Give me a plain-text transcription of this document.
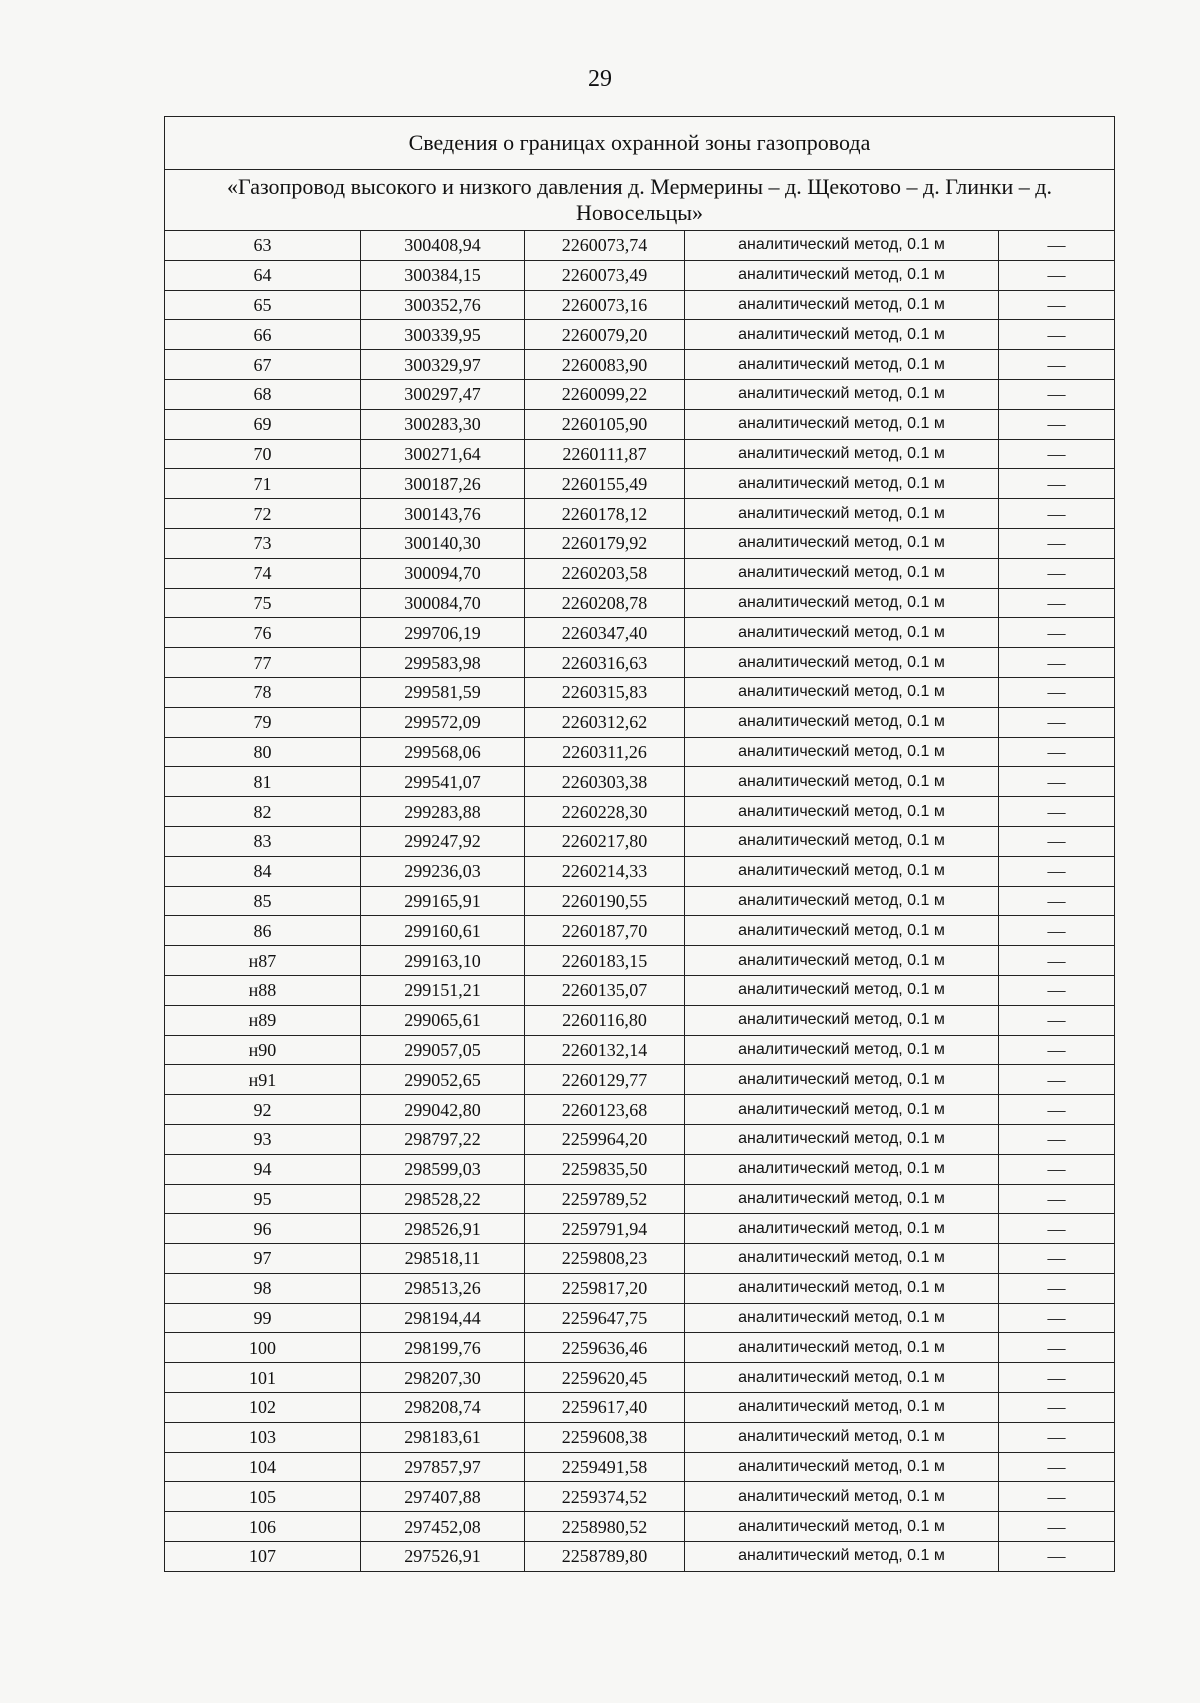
29
Сведения о границах охранной зоны газопровода				
«Газопровод высокого и низкого давления д. Мермерины – д. Щекотово – д. Глинки – д. Новосельцы»				
63	300408,94	2260073,74	аналитический метод, 0.1 м	—
64	300384,15	2260073,49	аналитический метод, 0.1 м	—
65	300352,76	2260073,16	аналитический метод, 0.1 м	—
66	300339,95	2260079,20	аналитический метод, 0.1 м	—
67	300329,97	2260083,90	аналитический метод, 0.1 м	—
68	300297,47	2260099,22	аналитический метод, 0.1 м	—
69	300283,30	2260105,90	аналитический метод, 0.1 м	—
70	300271,64	2260111,87	аналитический метод, 0.1 м	—
71	300187,26	2260155,49	аналитический метод, 0.1 м	—
72	300143,76	2260178,12	аналитический метод, 0.1 м	—
73	300140,30	2260179,92	аналитический метод, 0.1 м	—
74	300094,70	2260203,58	аналитический метод, 0.1 м	—
75	300084,70	2260208,78	аналитический метод, 0.1 м	—
76	299706,19	2260347,40	аналитический метод, 0.1 м	—
77	299583,98	2260316,63	аналитический метод, 0.1 м	—
78	299581,59	2260315,83	аналитический метод, 0.1 м	—
79	299572,09	2260312,62	аналитический метод, 0.1 м	—
80	299568,06	2260311,26	аналитический метод, 0.1 м	—
81	299541,07	2260303,38	аналитический метод, 0.1 м	—
82	299283,88	2260228,30	аналитический метод, 0.1 м	—
83	299247,92	2260217,80	аналитический метод, 0.1 м	—
84	299236,03	2260214,33	аналитический метод, 0.1 м	—
85	299165,91	2260190,55	аналитический метод, 0.1 м	—
86	299160,61	2260187,70	аналитический метод, 0.1 м	—
н87	299163,10	2260183,15	аналитический метод, 0.1 м	—
н88	299151,21	2260135,07	аналитический метод, 0.1 м	—
н89	299065,61	2260116,80	аналитический метод, 0.1 м	—
н90	299057,05	2260132,14	аналитический метод, 0.1 м	—
н91	299052,65	2260129,77	аналитический метод, 0.1 м	—
92	299042,80	2260123,68	аналитический метод, 0.1 м	—
93	298797,22	2259964,20	аналитический метод, 0.1 м	—
94	298599,03	2259835,50	аналитический метод, 0.1 м	—
95	298528,22	2259789,52	аналитический метод, 0.1 м	—
96	298526,91	2259791,94	аналитический метод, 0.1 м	—
97	298518,11	2259808,23	аналитический метод, 0.1 м	—
98	298513,26	2259817,20	аналитический метод, 0.1 м	—
99	298194,44	2259647,75	аналитический метод, 0.1 м	—
100	298199,76	2259636,46	аналитический метод, 0.1 м	—
101	298207,30	2259620,45	аналитический метод, 0.1 м	—
102	298208,74	2259617,40	аналитический метод, 0.1 м	—
103	298183,61	2259608,38	аналитический метод, 0.1 м	—
104	297857,97	2259491,58	аналитический метод, 0.1 м	—
105	297407,88	2259374,52	аналитический метод, 0.1 м	—
106	297452,08	2258980,52	аналитический метод, 0.1 м	—
107	297526,91	2258789,80	аналитический метод, 0.1 м	—
